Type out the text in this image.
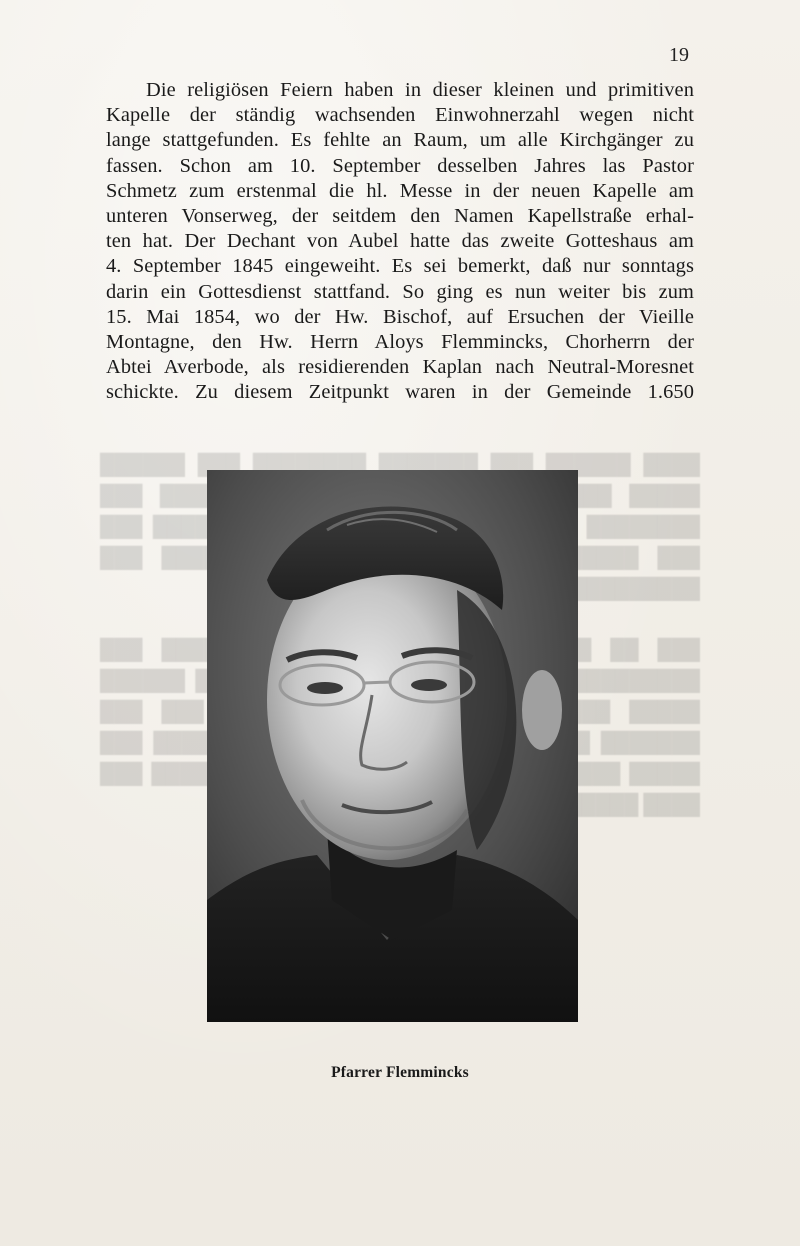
████ ██████ ███ ███████ ████████ ███ ██████ █████ ███ ████████ ███ ███ ██████ █████ ███ ███████████

███ ██ ██████ ███ ██████████ ██████ █████ ███ ███ ███ ███████ ████ ███ █████ ███████ ███ ████ ███████

19
Die religiösen Feiern haben in dieser kleinen und primitiven
Kapelle der ständig wachsenden Einwohnerzahl wegen nicht
lange stattgefunden. Es fehlte an Raum, um alle Kirchgänger zu
fassen. Schon am 10. September desselben Jahres las Pastor
Schmetz zum erstenmal die hl. Messe in der neuen Kapelle am
unteren Vonserweg, der seitdem den Namen Kapellstraße erhal-
ten hat. Der Dechant von Aubel hatte das zweite Gotteshaus am
4. September 1845 eingeweiht. Es sei bemerkt, daß nur sonntags
darin ein Gottesdienst stattfand. So ging es nun weiter bis zum
15. Mai 1854, wo der Hw. Bischof, auf Ersuchen der Vieille
Montagne, den Hw. Herrn Aloys Flemmincks, Chorherrn der
Abtei Averbode, als residierenden Kaplan nach Neutral-Moresnet
schickte. Zu diesem Zeitpunkt waren in der Gemeinde 1.650
Pfarrer Flemmincks
